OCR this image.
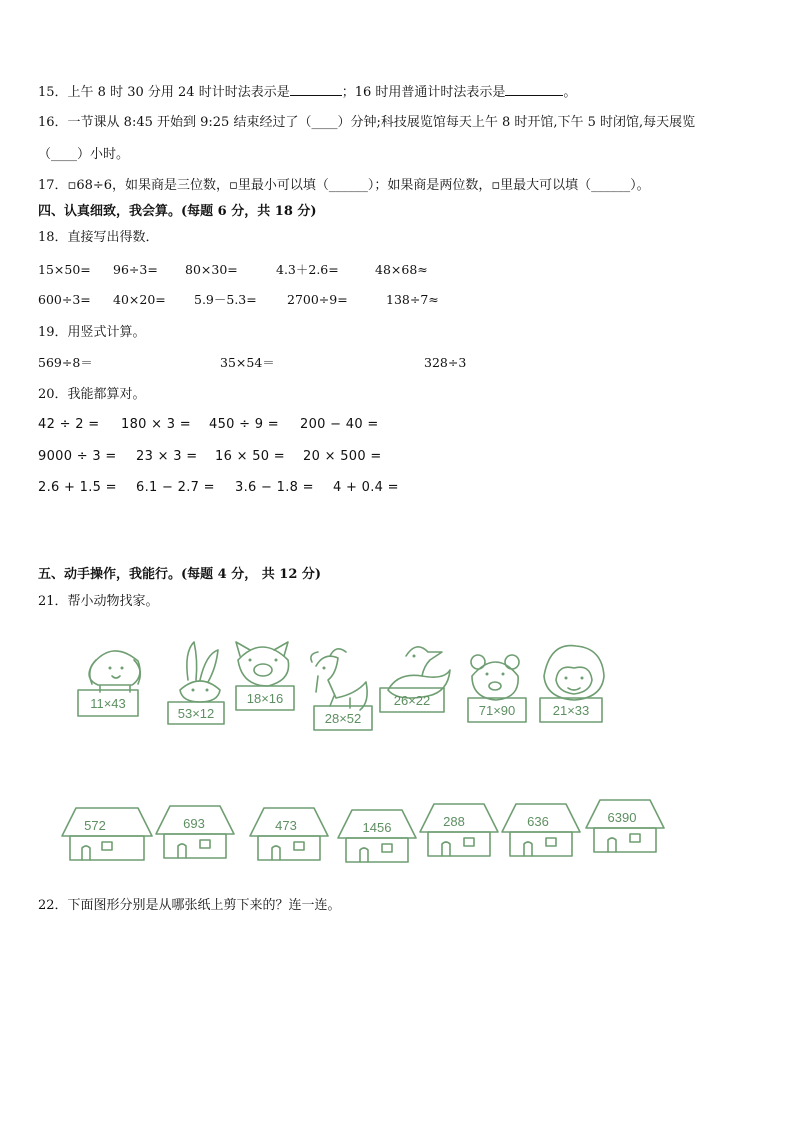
15．上午 8 时 30 分用 24 时计时法表示是	；16 时用普通计时法表示是	。
16．一节课从 8:45 开始到 9:25 结束经过了（____）分钟;科技展览馆每天上午 8 时开馆,下午 5 时闭馆,每天展览
（____）小时。
17．▫68÷6，如果商是三位数，▫里最小可以填（______）；如果商是两位数，▫里最大可以填（______）。
四、认真细致，我会算。(每题 6 分，共 18 分)
18．直接写出得数．
15×50= 96÷3= 80×30=	4.3＋2.6=	48×68≈
600÷3= 40×20= 5.9－5.3= 2700÷9=	138÷7≈
19．用竖式计算。
569÷8＝	35×54＝	328÷3
20．我能都算对。
42 ÷ 2 = 180 × 3 = 450 ÷ 9 = 200 − 40 =
9000 ÷ 3 = 23 × 3 = 16 × 50 = 20 × 500 =
2.6 + 1.5 = 6.1 − 2.7 = 3.6 − 1.8 = 4 + 0.4 =
五、动手操作，我能行。(每题 4 分， 共 12 分)
21．帮小动物找家。
11×43
53×12
18×16
28×52
26×22
71×90	21×33
572	693	473	1456	288	636	6390
22．下面图形分别是从哪张纸上剪下来的？连一连。
